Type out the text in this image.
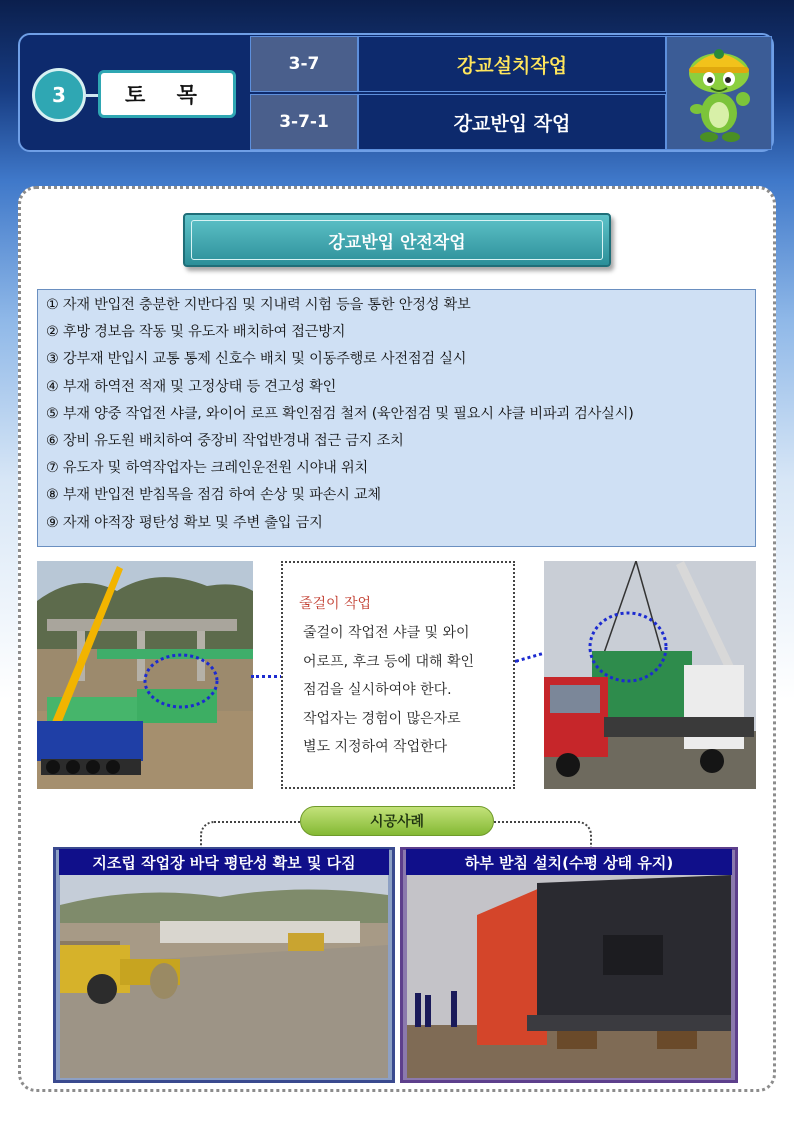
3-7	강교설치작업
3-7-1	강교반입 작업
3	토 목
강교반입 안전작업
① 자재 반입전 충분한 지반다짐 및 지내력 시험 등을 통한 안정성 확보
② 후방 경보음 작동 및 유도자 배치하여 접근방지
③ 강부재 반입시 교통 통제 신호수 배치 및 이동주행로 사전점검 실시
④ 부재 하역전 적재 및 고정상태 등 견고성 확인
⑤ 부재 양중 작업전 샤클, 와이어 로프 확인점검 철저 (육안점검 및 필요시 샤클 비파괴 검사실시)
⑥ 장비 유도원 배치하여 중장비 작업반경내 접근 금지 조치
⑦ 유도자 및 하역작업자는 크레인운전원 시야내 위치
⑧ 부재 반입전 받침목을 점검 하여 손상 및 파손시 교체
⑨ 자재 야적장 평탄성 확보 및 주변 출입 금지
줄걸이 작업
줄걸이 작업전 샤클 및 와이
어로프, 후크 등에 대해 확인
점검을 실시하여야 한다.
작업자는 경험이 많은자로
별도 지정하여 작업한다
시공사례
지조립 작업장 바닥 평탄성 확보 및 다짐	하부 받침 설치(수평 상태 유지)
